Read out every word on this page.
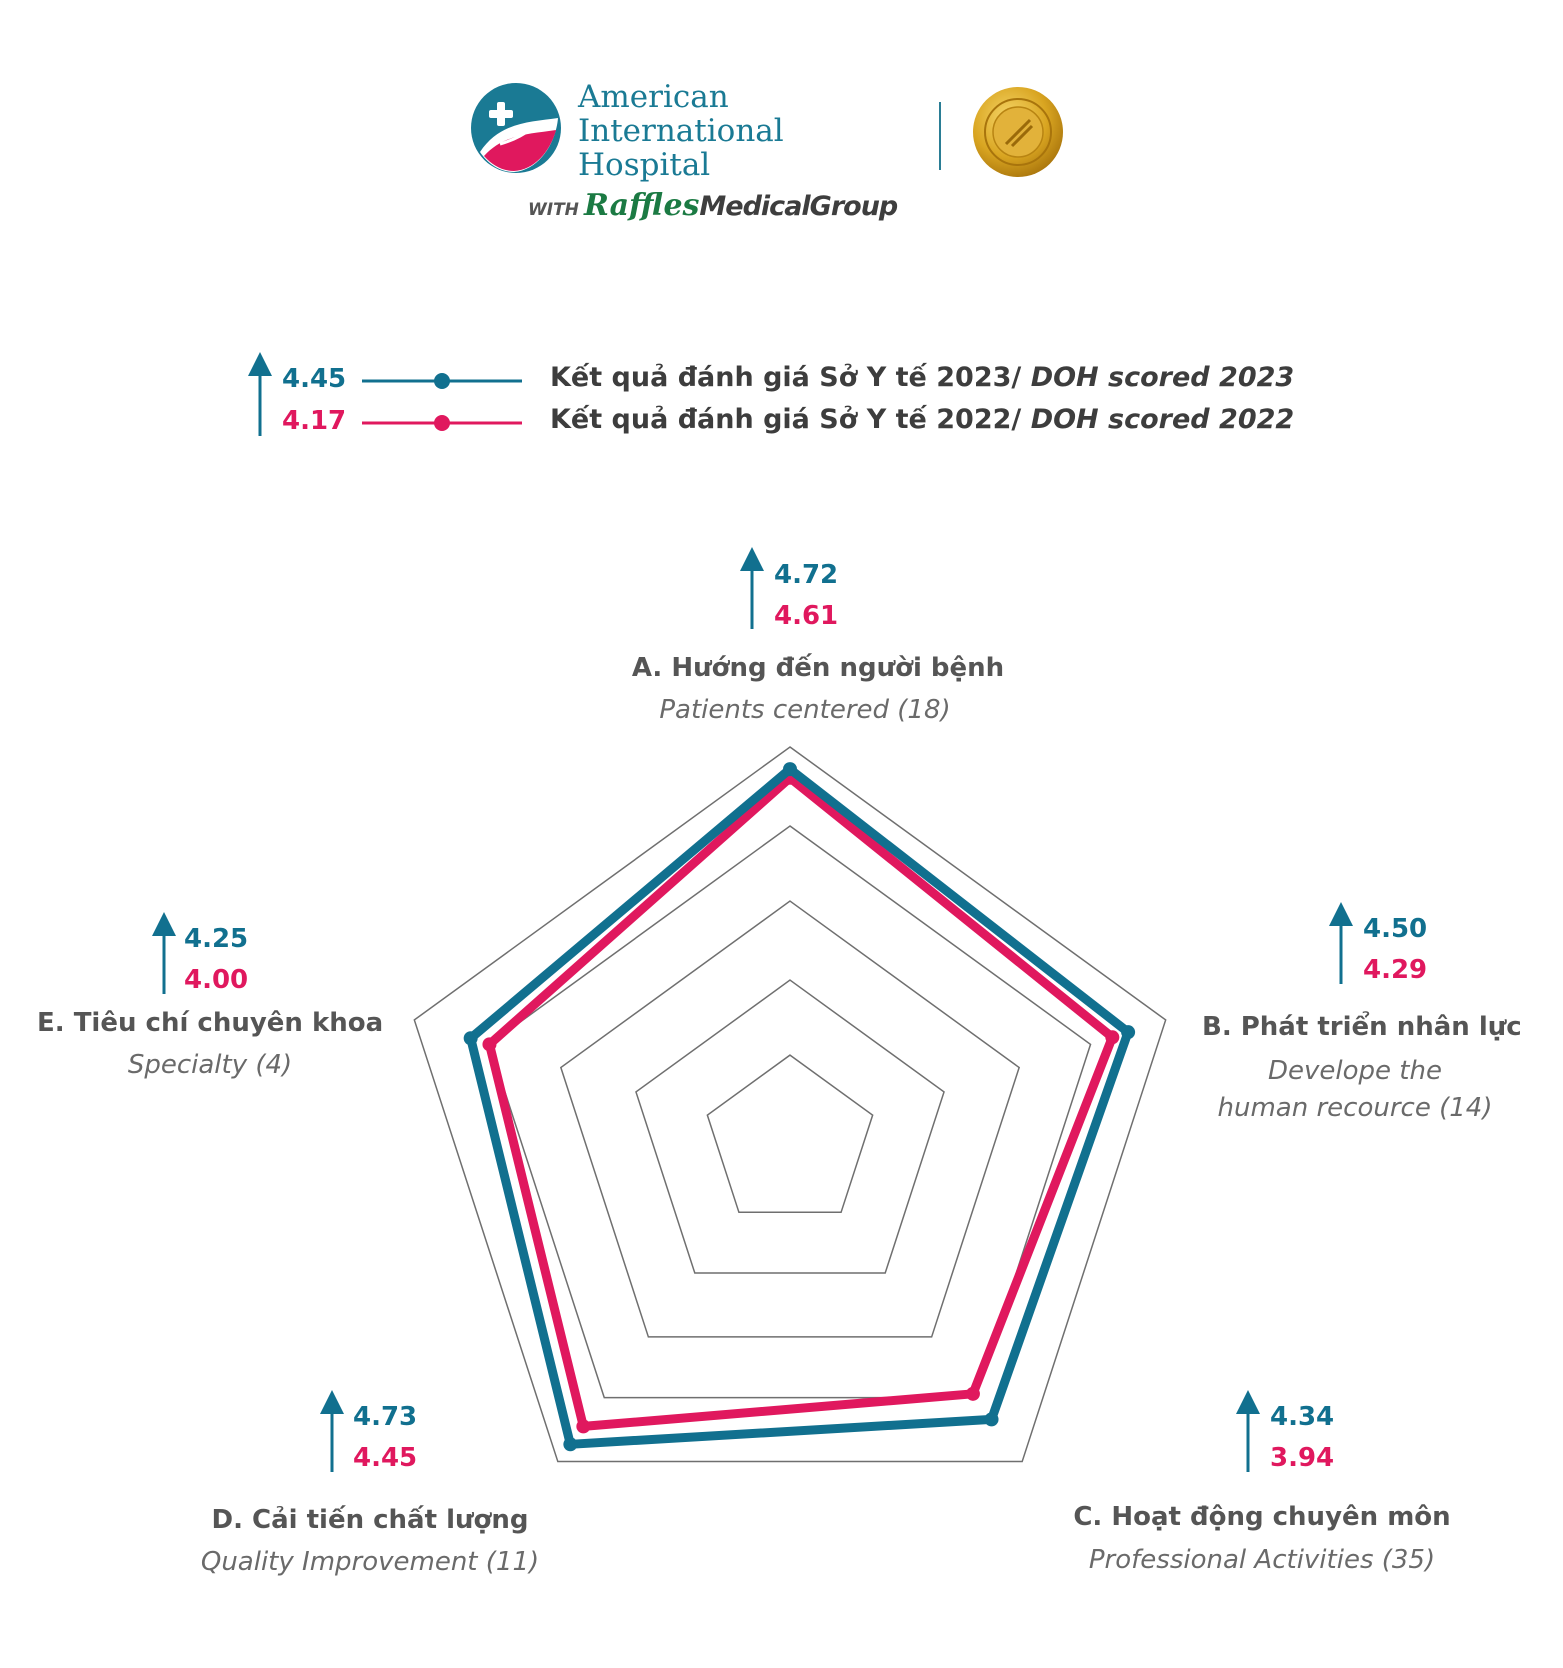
American
International
Hospital
WITH RafflesMedicalGroup
4.45
4.17
Kết quả đánh giá Sở Y tế 2023/ DOH scored 2023
Kết quả đánh giá Sở Y tế 2022/ DOH scored 2022
4.72
4.61
4.50
4.29
4.34
3.94
4.73
4.45
4.25
4.00
A. Hướng đến người bệnh
Patients centered (18)
B. Phát triển nhân lực
Develope the
human recource (14)
C. Hoạt động chuyên môn
Professional Activities (35)
D. Cải tiến chất lượng
Quality Improvement (11)
E. Tiêu chí chuyên khoa
Specialty (4)
